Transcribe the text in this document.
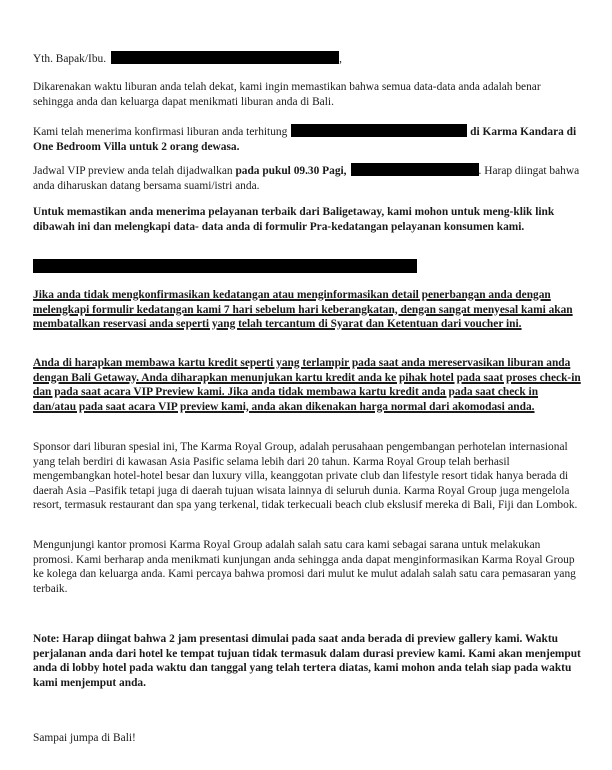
Yth. Bapak/Ibu.	,

Dikarenakan waktu liburan anda telah dekat, kami ingin memastikan bahwa semua data-data anda adalah benar sehingga anda dan keluarga dapat menikmati liburan anda di Bali.

Kami telah menerima konfirmasi liburan anda terhitung	di Karma Kandara di One Bedroom Villa untuk 2 orang dewasa.

Jadwal VIP preview anda telah dijadwalkan pada pukul 09.30 Pagi,	. Harap diingat bahwa anda diharuskan datang bersama suami/istri anda.

Untuk memastikan anda menerima pelayanan terbaik dari Baligetaway, kami mohon untuk meng-klik link dibawah ini dan melengkapi data- data anda di formulir Pra-kedatangan pelayanan konsumen kami.

Jika anda tidak mengkonfirmasikan kedatangan atau menginformasikan detail penerbangan anda dengan melengkapi formulir kedatangan kami 7 hari sebelum hari keberangkatan, dengan sangat menyesal kami akan membatalkan reservasi anda seperti yang telah tercantum di Syarat dan Ketentuan dari voucher ini.

Anda di harapkan membawa kartu kredit seperti yang terlampir pada saat anda mereservasikan liburan anda dengan Bali Getaway. Anda diharapkan menunjukan kartu kredit anda ke pihak hotel pada saat proses check-in dan pada saat acara VIP Preview kami. Jika anda tidak membawa kartu kredit anda pada saat check in dan/atau pada saat acara VIP preview kami, anda akan dikenakan harga normal dari akomodasi anda.

Sponsor dari liburan spesial ini, The Karma Royal Group, adalah perusahaan pengembangan perhotelan internasional yang telah berdiri di kawasan Asia Pasific selama lebih dari 20 tahun. Karma Royal Group telah berhasil mengembangkan hotel-hotel besar dan luxury villa, keanggotan private club dan lifestyle resort tidak hanya berada di daerah Asia –Pasifik tetapi juga di daerah tujuan wisata lainnya di seluruh dunia. Karma Royal Group juga mengelola resort, termasuk restaurant dan spa yang terkenal, tidak terkecuali beach club ekslusif mereka di Bali, Fiji dan Lombok.

Mengunjungi kantor promosi Karma Royal Group adalah salah satu cara kami sebagai sarana untuk melakukan promosi. Kami berharap anda menikmati kunjungan anda sehingga anda dapat menginformasikan Karma Royal Group ke kolega dan keluarga anda. Kami percaya bahwa promosi dari mulut ke mulut adalah salah satu cara pemasaran yang terbaik.

Note: Harap diingat bahwa 2 jam presentasi dimulai pada saat anda berada di preview gallery kami. Waktu perjalanan anda dari hotel ke tempat tujuan tidak termasuk dalam durasi preview kami. Kami akan menjemput anda di lobby hotel pada waktu dan tanggal yang telah tertera diatas, kami mohon anda telah siap pada waktu kami menjemput anda.

Sampai jumpa di Bali!
